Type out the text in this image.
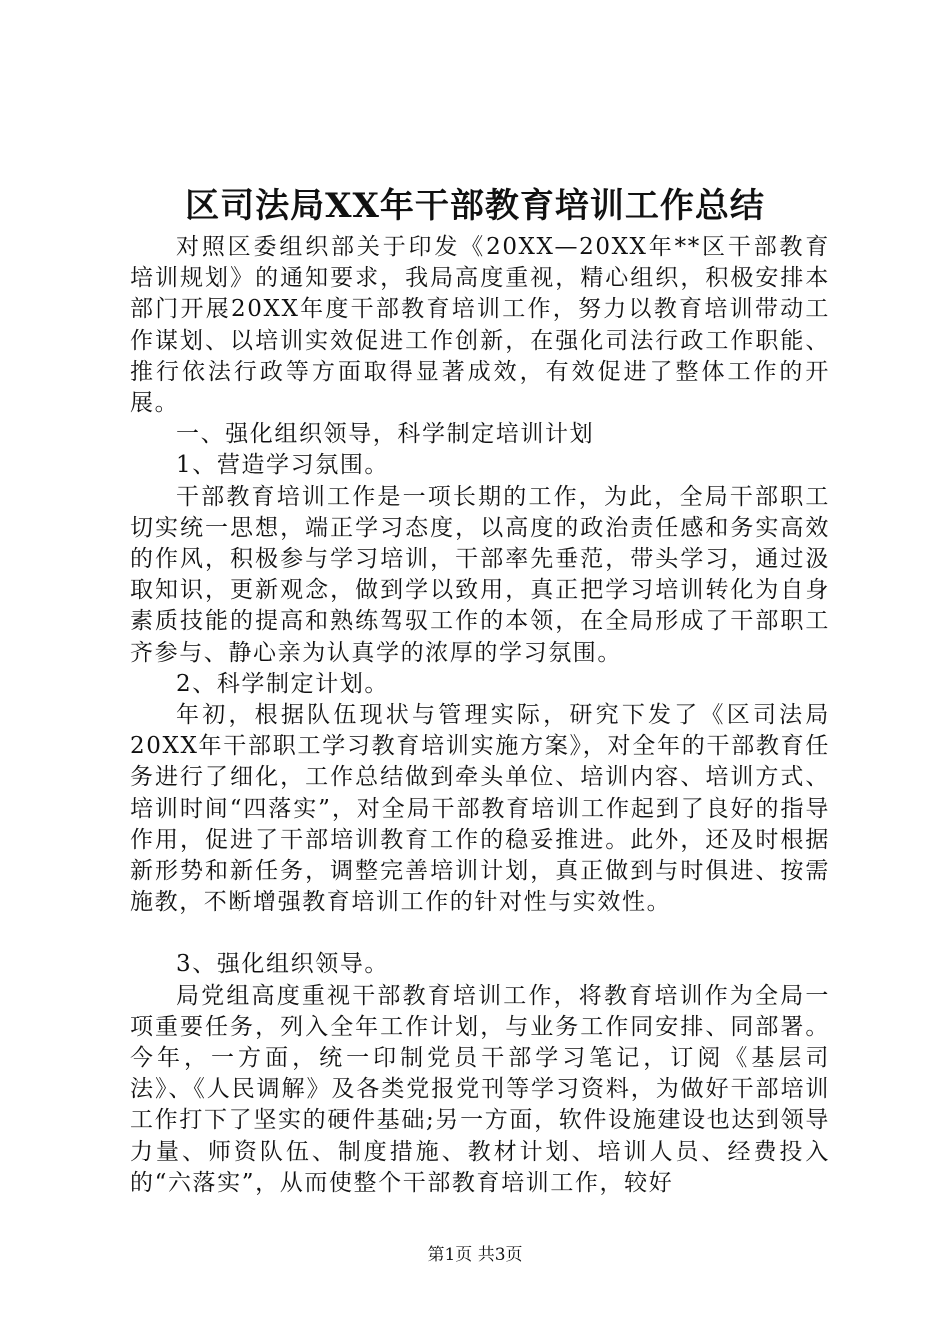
区司法局XX年干部教育培训工作总结

对照区委组织部关于印发《20XX—20XX年**区干部教育培训规划》的通知要求，我局高度重视，精心组织，积极安排本部门开展20XX年度干部教育培训工作，努力以教育培训带动工作谋划、以培训实效促进工作创新，在强化司法行政工作职能、推行依法行政等方面取得显著成效，有效促进了整体工作的开展。

一、强化组织领导，科学制定培训计划

1、营造学习氛围。

干部教育培训工作是一项长期的工作，为此，全局干部职工切实统一思想，端正学习态度，以高度的政治责任感和务实高效的作风，积极参与学习培训，干部率先垂范，带头学习，通过汲取知识，更新观念，做到学以致用，真正把学习培训转化为自身素质技能的提高和熟练驾驭工作的本领，在全局形成了干部职工齐参与、静心亲为认真学的浓厚的学习氛围。

2、科学制定计划。

年初，根据队伍现状与管理实际，研究下发了《区司法局20XX年干部职工学习教育培训实施方案》，对全年的干部教育任务进行了细化，工作总结做到牵头单位、培训内容、培训方式、培训时间“四落实”，对全局干部教育培训工作起到了良好的指导作用，促进了干部培训教育工作的稳妥推进。此外，还及时根据新形势和新任务，调整完善培训计划，真正做到与时俱进、按需施教，不断增强教育培训工作的针对性与实效性。

3、强化组织领导。

局党组高度重视干部教育培训工作，将教育培训作为全局一项重要任务，列入全年工作计划，与业务工作同安排、同部署。今年，一方面，统一印制党员干部学习笔记，订阅《基层司法》、《人民调解》及各类党报党刊等学习资料，为做好干部培训工作打下了坚实的硬件基础;另一方面，软件设施建设也达到领导力量、师资队伍、制度措施、教材计划、培训人员、经费投入的“六落实”，从而使整个干部教育培训工作，较好

第1页 共3页
